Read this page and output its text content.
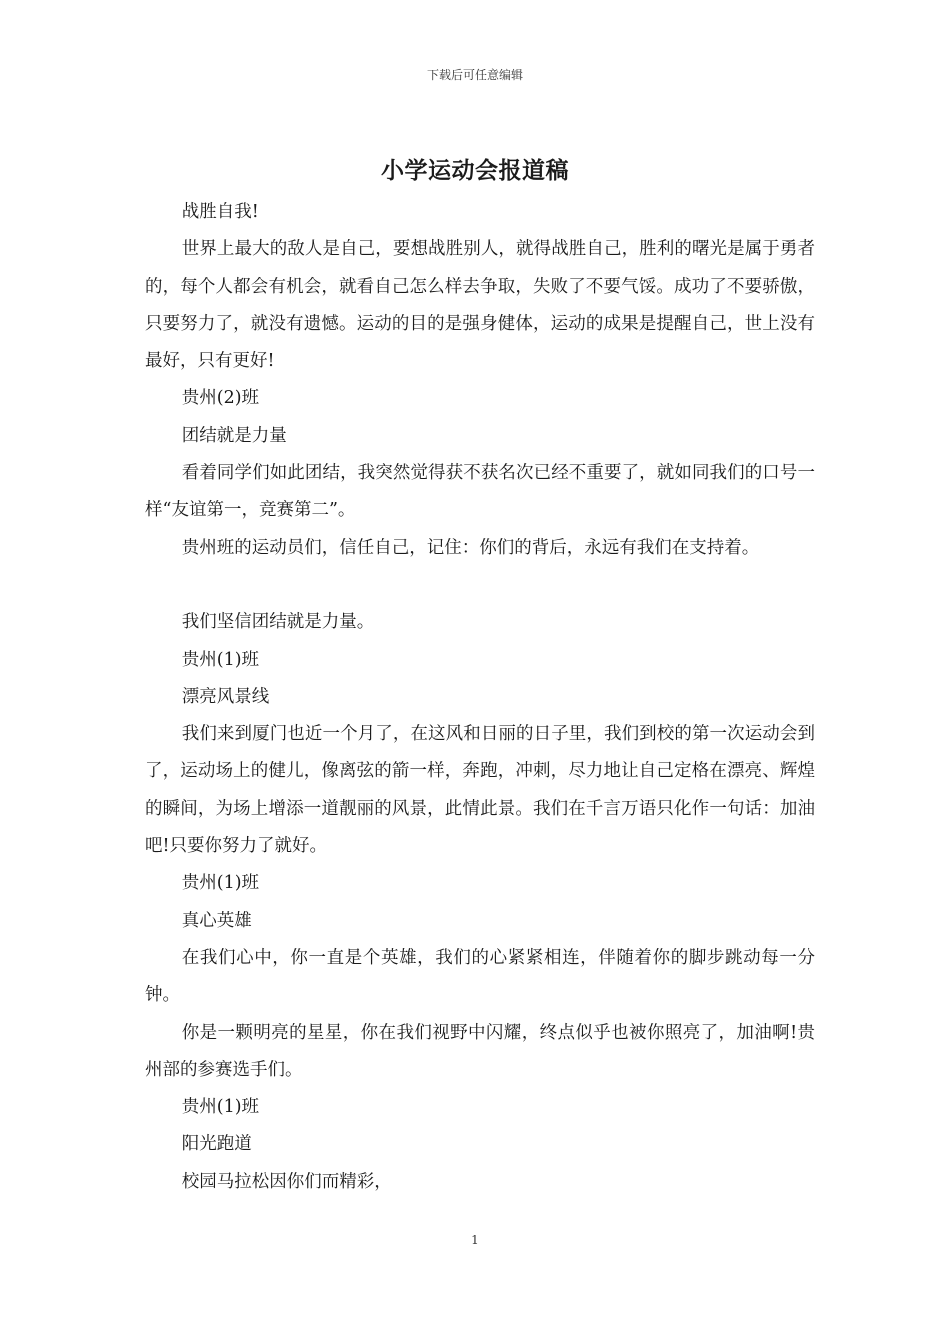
下载后可任意编辑
小学运动会报道稿

战胜自我!

世界上最大的敌人是自己，要想战胜别人，就得战胜自己，胜利的曙光是属于勇者的，每个人都会有机会，就看自己怎么样去争取，失败了不要气馁。成功了不要骄傲，只要努力了，就没有遗憾。运动的目的是强身健体，运动的成果是提醒自己，世上没有最好，只有更好!

贵州(2)班

团结就是力量

看着同学们如此团结，我突然觉得获不获名次已经不重要了，就如同我们的口号一样“友谊第一，竞赛第二”。

贵州班的运动员们，信任自己，记住：你们的背后，永远有我们在支持着。

我们坚信团结就是力量。

贵州(1)班

漂亮风景线

我们来到厦门也近一个月了，在这风和日丽的日子里，我们到校的第一次运动会到了，运动场上的健儿，像离弦的箭一样，奔跑，冲刺，尽力地让自己定格在漂亮、辉煌的瞬间，为场上增添一道靓丽的风景，此情此景。我们在千言万语只化作一句话：加油吧!只要你努力了就好。

贵州(1)班

真心英雄

在我们心中，你一直是个英雄，我们的心紧紧相连，伴随着你的脚步跳动每一分钟。

你是一颗明亮的星星，你在我们视野中闪耀，终点似乎也被你照亮了，加油啊!贵州部的参赛选手们。

贵州(1)班

阳光跑道

校园马拉松因你们而精彩，

1
